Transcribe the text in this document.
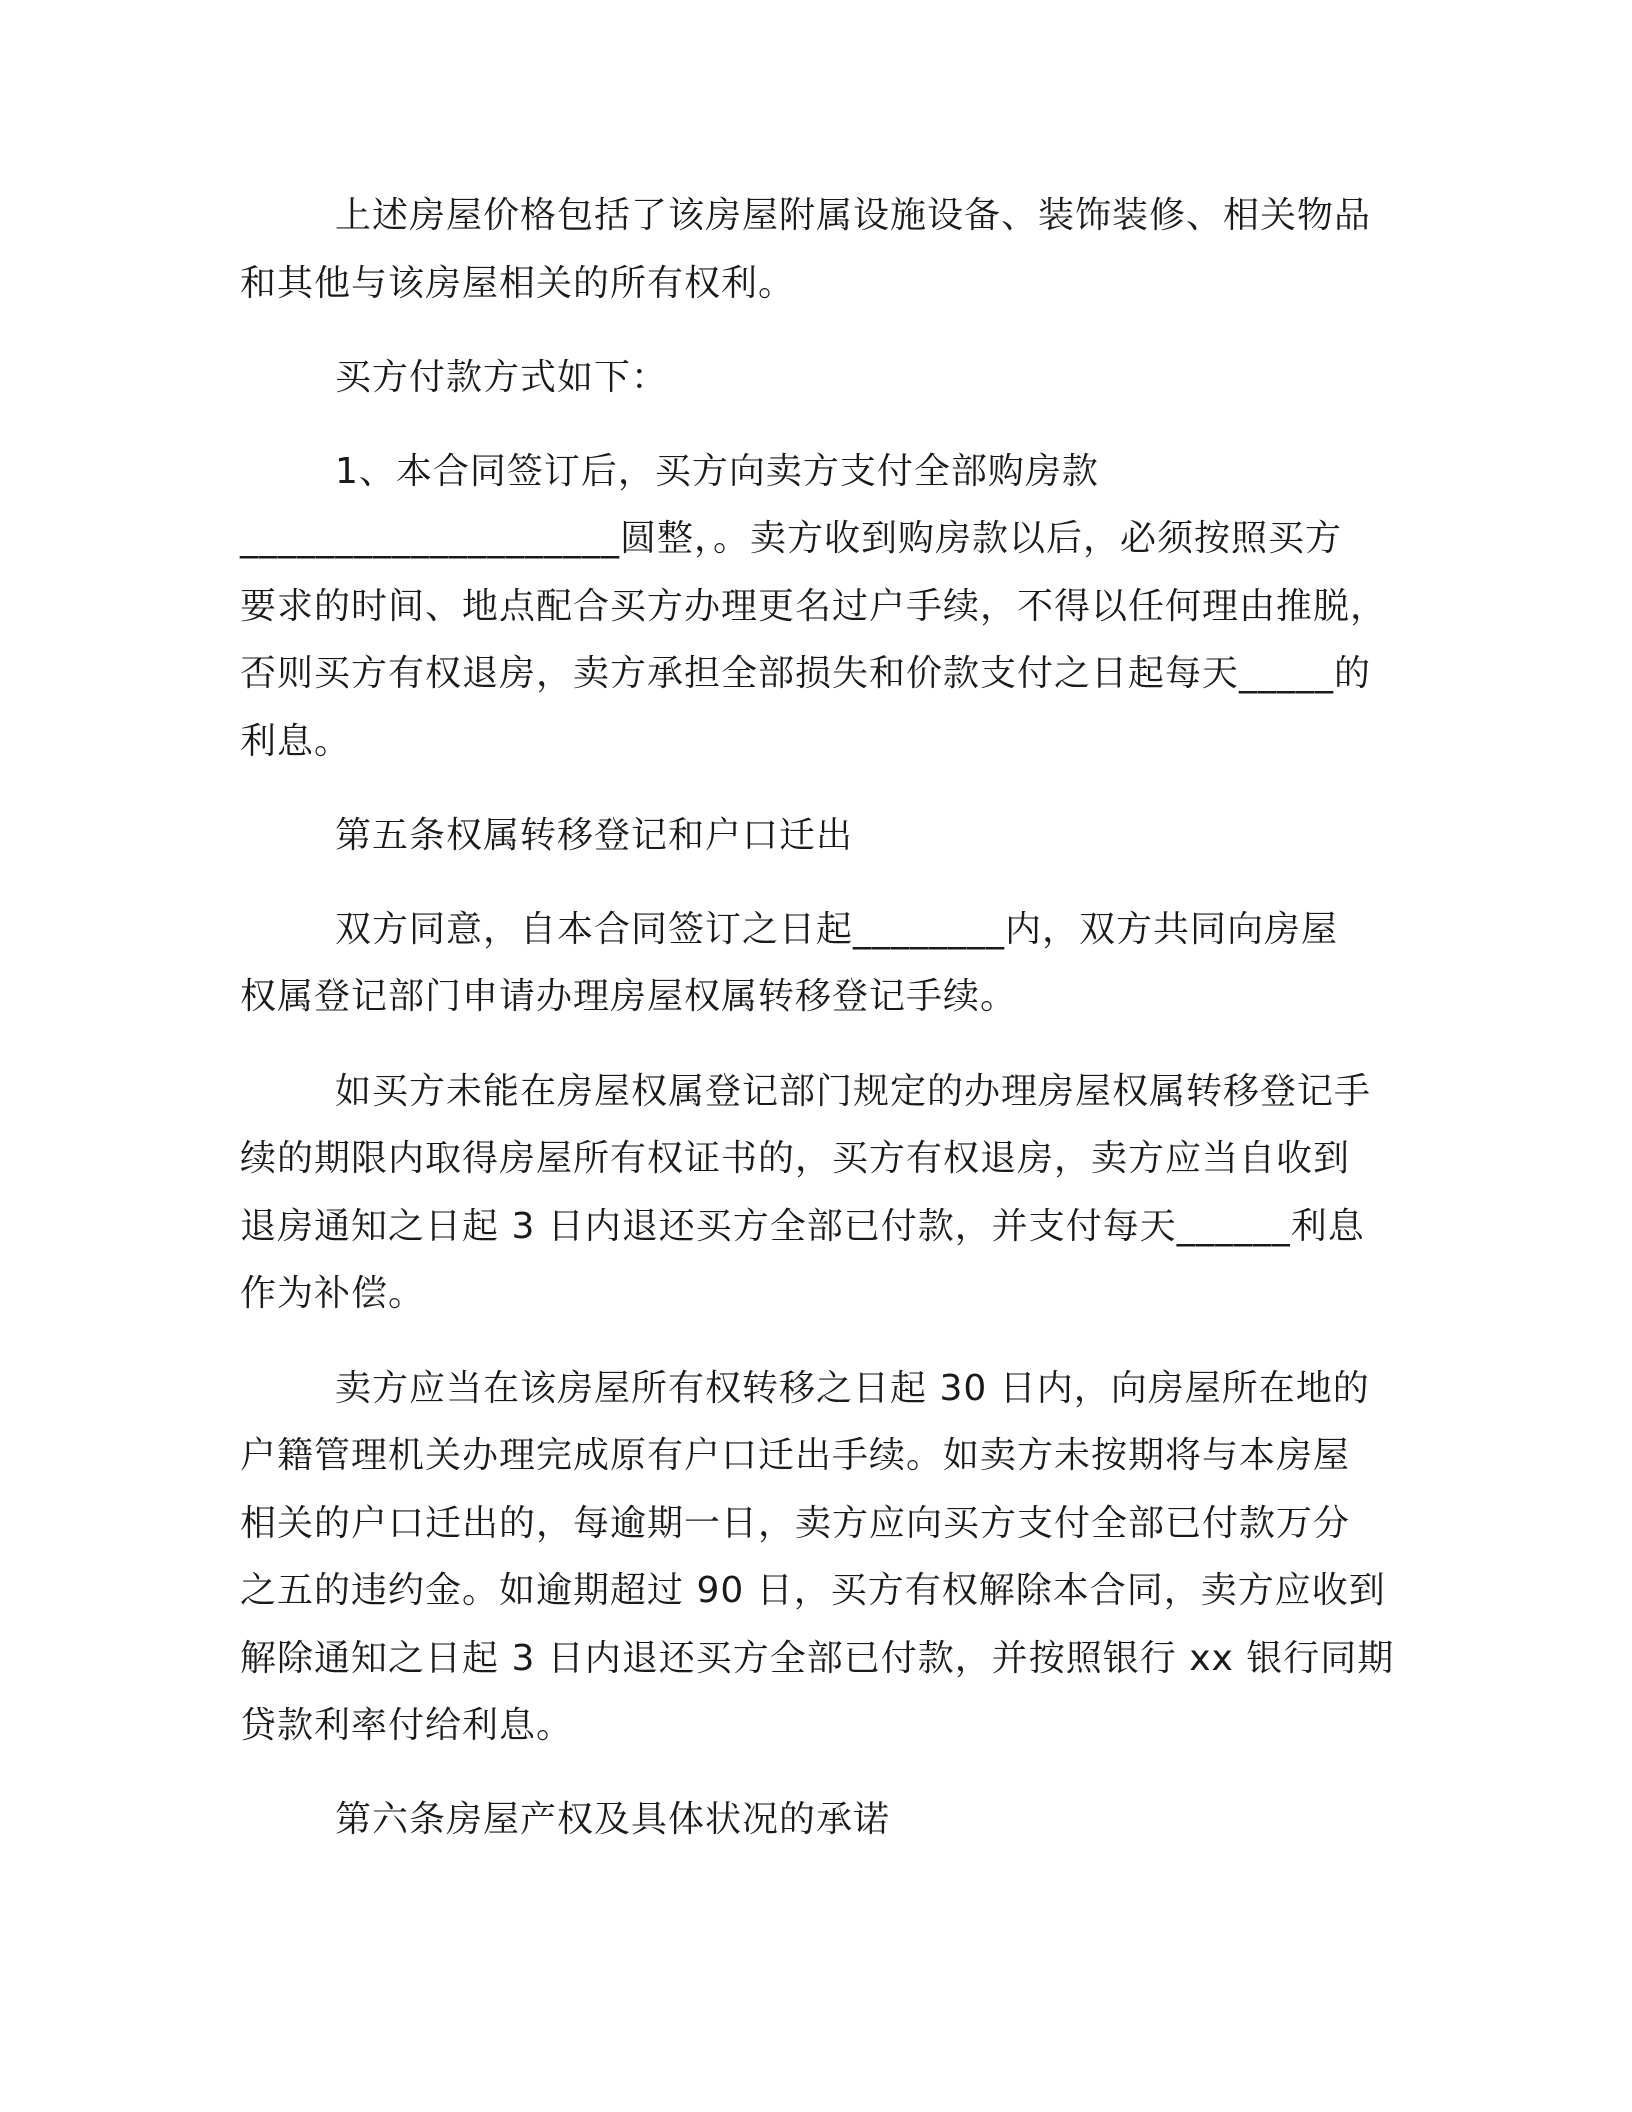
上述房屋价格包括了该房屋附属设施设备、装饰装修、相关物品
和其他与该房屋相关的所有权利。
买方付款方式如下：
1、本合同签订后，买方向卖方支付全部购房款
____________________圆整，。卖方收到购房款以后，必须按照买方
要求的时间、地点配合买方办理更名过户手续，不得以任何理由推脱，
否则买方有权退房，卖方承担全部损失和价款支付之日起每天_____的
利息。
第五条权属转移登记和户口迁出
双方同意，自本合同签订之日起________内，双方共同向房屋
权属登记部门申请办理房屋权属转移登记手续。
如买方未能在房屋权属登记部门规定的办理房屋权属转移登记手
续的期限内取得房屋所有权证书的，买方有权退房，卖方应当自收到
退房通知之日起 3 日内退还买方全部已付款，并支付每天______利息
作为补偿。
卖方应当在该房屋所有权转移之日起 30 日内，向房屋所在地的
户籍管理机关办理完成原有户口迁出手续。如卖方未按期将与本房屋
相关的户口迁出的，每逾期一日，卖方应向买方支付全部已付款万分
之五的违约金。如逾期超过 90 日，买方有权解除本合同，卖方应收到
解除通知之日起 3 日内退还买方全部已付款，并按照银行 xx 银行同期
贷款利率付给利息。
第六条房屋产权及具体状况的承诺
